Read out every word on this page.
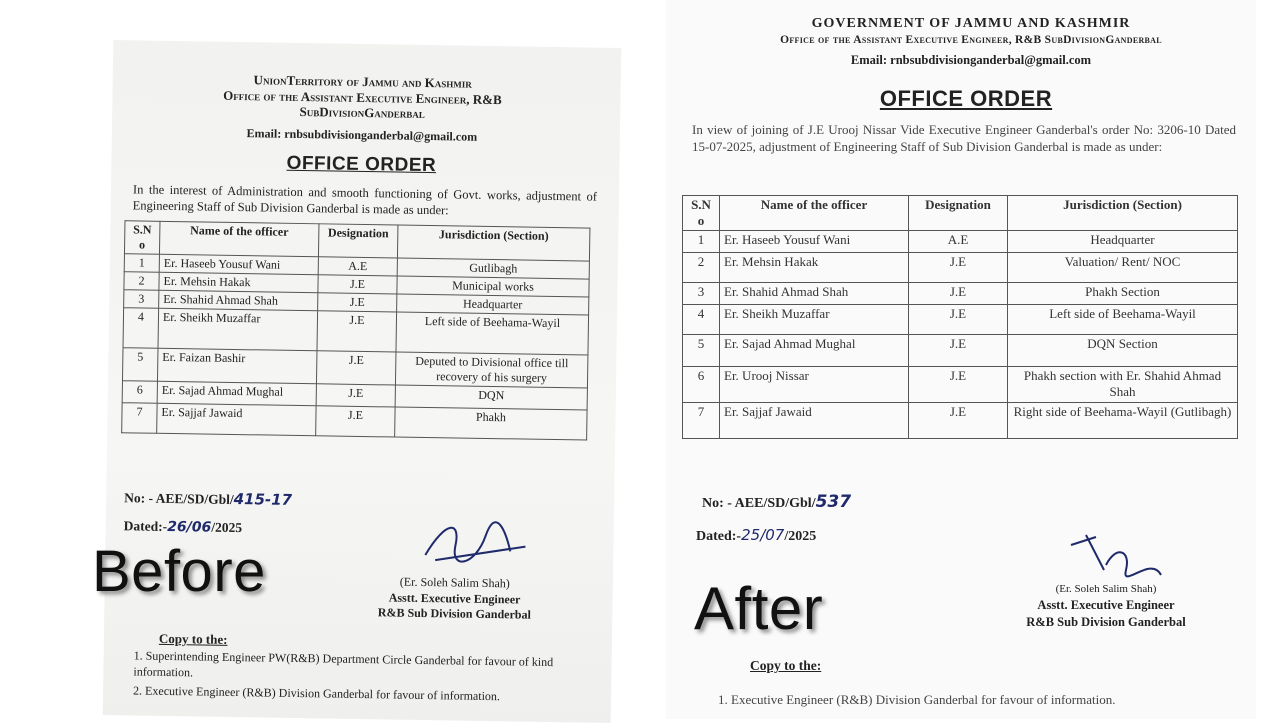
UnionTerritory of Jammu and Kashmir
Office of the Assistant Executive Engineer, R&B
SubDivisionGanderbal
Email: rnbsubdivisionganderbal@gmail.com
OFFICE ORDER
In the interest of Administration and smooth functioning of Govt. works, adjustment of Engineering Staff of Sub Division Ganderbal is made as under:
S.N o	Name of the officer	Designation	Jurisdiction (Section)
1	Er. Haseeb Yousuf Wani	A.E	Gutlibagh
2	Er. Mehsin Hakak	J.E	Municipal works
3	Er. Shahid Ahmad Shah	J.E	Headquarter
4	Er. Sheikh Muzaffar	J.E	Left side of Beehama-Wayil
5	Er. Faizan Bashir	J.E	Deputed to Divisional office till recovery of his surgery
6	Er. Sajad Ahmad Mughal	J.E	DQN
7	Er. Sajjaf Jawaid	J.E	Phakh
No: - AEE/SD/Gbl/415-17
Dated:-26/06/2025
(Er. Soleh Salim Shah)
Asstt. Executive Engineer
R&B Sub Division Ganderbal
Copy to the:
1. Superintending Engineer PW(R&B) Department Circle Ganderbal for favour of kind information.
2. Executive Engineer (R&B) Division Ganderbal for favour of information.
GOVERNMENT OF JAMMU AND KASHMIR
Office of the Assistant Executive Engineer, R&B SubDivisionGanderbal
Email: rnbsubdivisionganderbal@gmail.com
OFFICE ORDER
In view of joining of J.E Urooj Nissar Vide Executive Engineer Ganderbal's order No: 3206-10 Dated 15-07-2025, adjustment of Engineering Staff of Sub Division Ganderbal is made as under:
S.N o	Name of the officer	Designation	Jurisdiction (Section)
1	Er. Haseeb Yousuf Wani	A.E	Headquarter
2	Er. Mehsin Hakak	J.E	Valuation/ Rent/ NOC
3	Er. Shahid Ahmad Shah	J.E	Phakh Section
4	Er. Sheikh Muzaffar	J.E	Left side of Beehama-Wayil
5	Er. Sajad Ahmad Mughal	J.E	DQN Section
6	Er. Urooj Nissar	J.E	Phakh section with Er. Shahid Ahmad Shah
7	Er. Sajjaf Jawaid	J.E	Right side of Beehama-Wayil (Gutlibagh)
No: - AEE/SD/Gbl/537
Dated:-25/07/2025
(Er. Soleh Salim Shah)
Asstt. Executive Engineer
R&B Sub Division Ganderbal
Copy to the:
1. Executive Engineer (R&B) Division Ganderbal for favour of information.
Before
After
